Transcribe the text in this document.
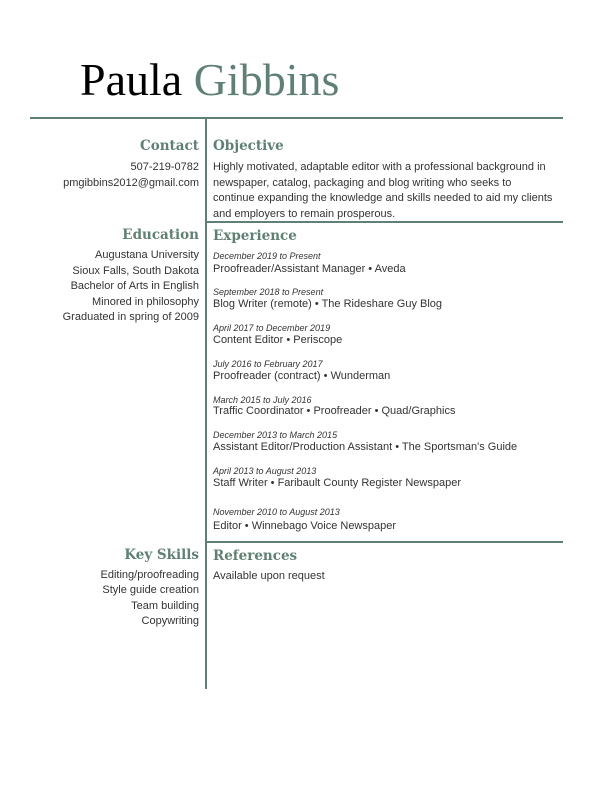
Paula Gibbins
Contact
507-219-0782
pmgibbins2012@gmail.com
Objective
Highly motivated, adaptable editor with a professional background in newspaper, catalog, packaging and blog writing who seeks to continue expanding the knowledge and skills needed to aid my clients and employers to remain prosperous.
Education
Augustana University
Sioux Falls, South Dakota
Bachelor of Arts in English
Minored in philosophy
Graduated in spring of 2009
Experience
December 2019 to Present
Proofreader/Assistant Manager • Aveda
September 2018 to Present
Blog Writer (remote) • The Rideshare Guy Blog
April 2017 to December 2019
Content Editor • Periscope
July 2016 to February 2017
Proofreader (contract) • Wunderman
March 2015 to July 2016
Traffic Coordinator • Proofreader • Quad/Graphics
December 2013 to March 2015
Assistant Editor/Production Assistant • The Sportsman's Guide
April 2013 to August 2013
Staff Writer • Faribault County Register Newspaper
November 2010 to August 2013
Editor • Winnebago Voice Newspaper
Key Skills
Editing/proofreading
Style guide creation
Team building
Copywriting
References
Available upon request
